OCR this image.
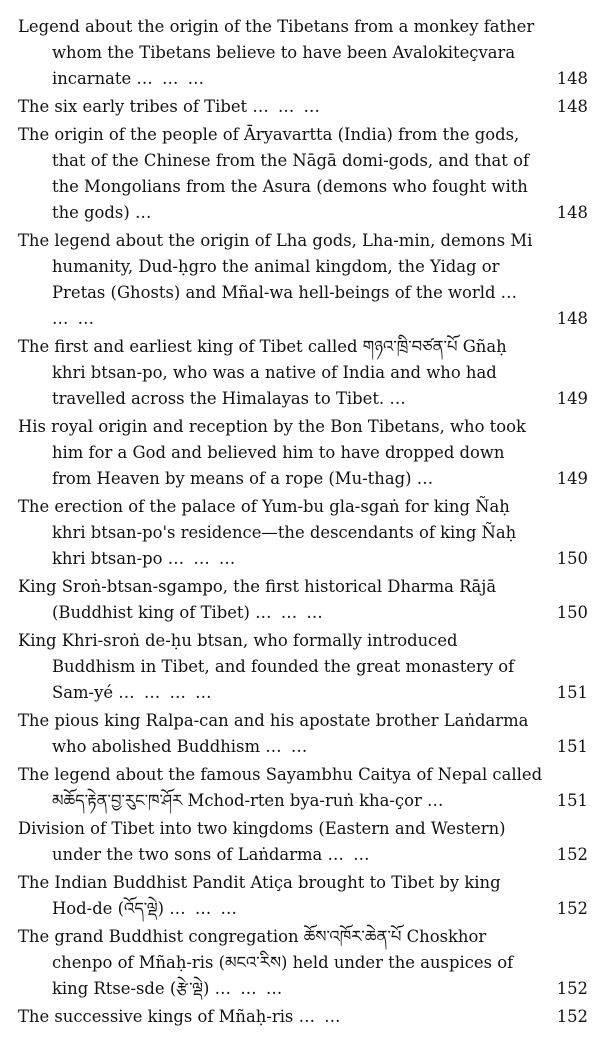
Legend about the origin of the Tibetans from a monkey father whom the Tibetans believe to have been Avalokiteçvara incarnate … … …	148
The six early tribes of Tibet … … …	148
The origin of the people of Āryavartta (India) from the gods, that of the Chinese from the Nāgā domi-gods, and that of the Mongolians from the Asura (demons who fought with the gods) …	148
The legend about the origin of Lha gods, Lha-min, demons Mi humanity, Dud-ḥgro the animal kingdom, the Yidag or Pretas (Ghosts) and Mñal-wa hell-beings of the world … … …	148
The first and earliest king of Tibet called གཉའ་ཁྲི་བཙན་པོ Gñaḥ khri btsan-po, who was a native of India and who had travelled across the Himalayas to Tibet. …	149
His royal origin and reception by the Bon Tibetans, who took him for a God and believed him to have dropped down from Heaven by means of a rope (Mu-thag) …	149
The erection of the palace of Yum-bu gla-sgaṅ for king Ñaḥ khri btsan-po's residence—the descendants of king Ñaḥ khri btsan-po … … …	150
King Sroṅ-btsan-sgampo, the first historical Dharma Rājā (Buddhist king of Tibet) … … …	150
King Khri-sroṅ de-ḥu btsan, who formally introduced Buddhism in Tibet, and founded the great monastery of Sam-yé … … … …	151
The pious king Ralpa-can and his apostate brother Laṅdarma who abolished Buddhism … …	151
The legend about the famous Sayambhu Caitya of Nepal called མཆོད་རྟེན་བྱ་རུང་ཁ་ཤོར Mchod-rten bya-ruṅ kha-çor …	151
Division of Tibet into two kingdoms (Eastern and Western) under the two sons of Laṅdarma … …	152
The Indian Buddhist Pandit Atiça brought to Tibet by king Hod-de (འོད་ལྡེ) … … …	152
The grand Buddhist congregation ཆོས་འཁོར་ཆེན་པོ Choskhor chenpo of Mñaḥ-ris (མངའ་རིས) held under the auspices of king Rtse-sde (རྩེ་ལྡེ) … … …	152
The successive kings of Mñaḥ-ris … …	152
